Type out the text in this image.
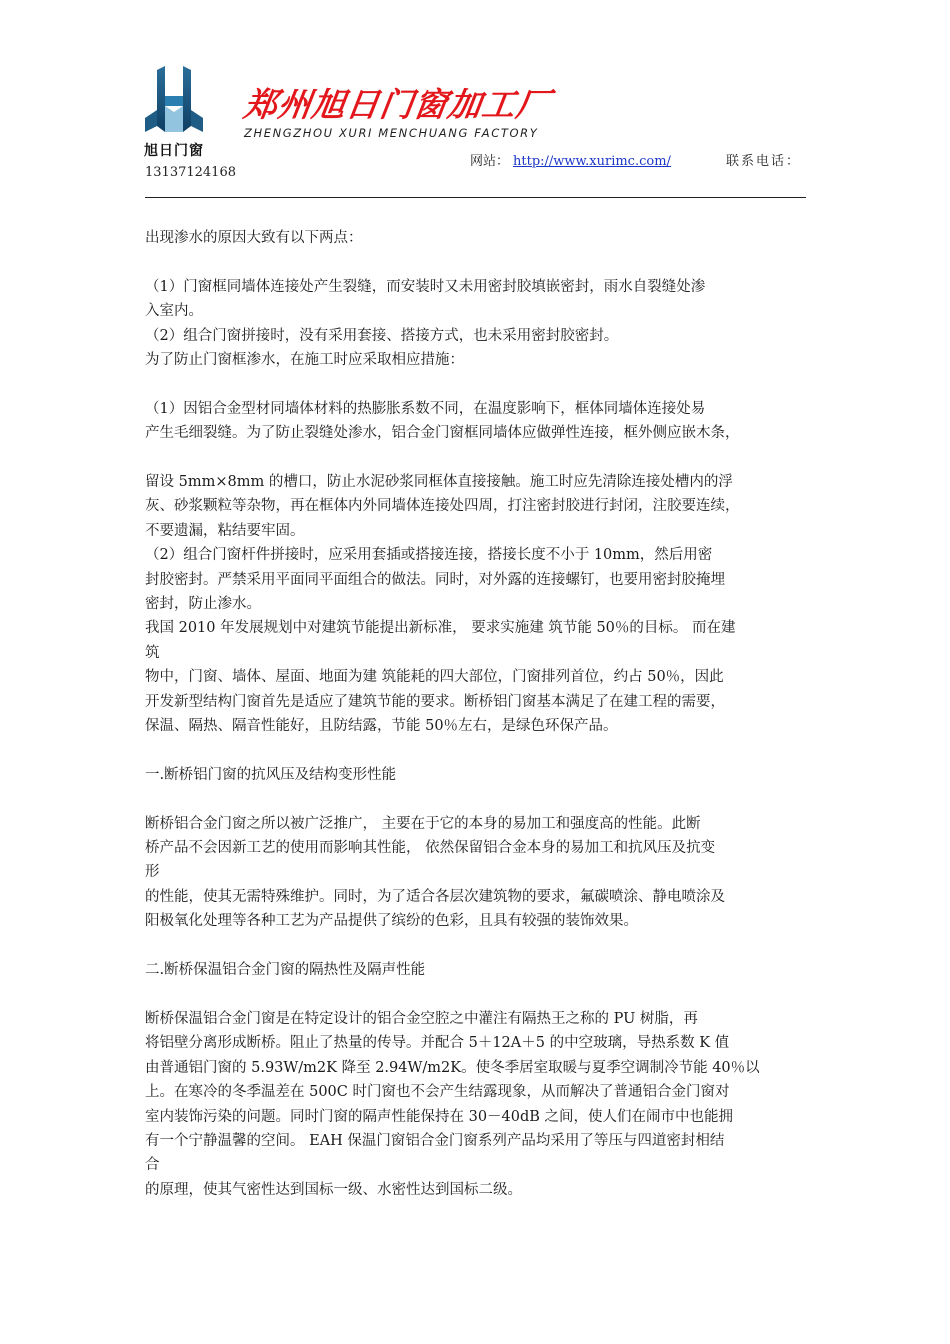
旭日门窗
郑州旭日门窗加工厂
ZHENGZHOU XURI MENCHUANG FACTORY
网站： http://www.xurimc.com/	联系电话：
13137124168

出现渗水的原因大致有以下两点：

（1）门窗框同墙体连接处产生裂缝，而安装时又未用密封胶填嵌密封，雨水自裂缝处渗

入室内。

（2）组合门窗拼接时，没有采用套接、搭接方式，也未采用密封胶密封。

为了防止门窗框渗水，在施工时应采取相应措施：

（1）因铝合金型材同墙体材料的热膨胀系数不同，在温度影响下，框体同墙体连接处易

产生毛细裂缝。为了防止裂缝处渗水，铝合金门窗框同墙体应做弹性连接，框外侧应嵌木条，

留设 5mm×8mm 的槽口，防止水泥砂浆同框体直接接触。施工时应先清除连接处槽内的浮

灰、砂浆颗粒等杂物，再在框体内外同墙体连接处四周，打注密封胶进行封闭，注胶要连续，

不要遗漏，粘结要牢固。

（2）组合门窗杆件拼接时，应采用套插或搭接连接，搭接长度不小于 10mm，然后用密

封胶密封。严禁采用平面同平面组合的做法。同时，对外露的连接螺钉，也要用密封胶掩埋

密封，防止渗水。

我国 2010 年发展规划中对建筑节能提出新标准， 要求实施建 筑节能 50％的目标。 而在建

筑

物中，门窗、墙体、屋面、地面为建 筑能耗的四大部位，门窗排列首位，约占 50％，因此

开发新型结构门窗首先是适应了建筑节能的要求。断桥铝门窗基本满足了在建工程的需要，

保温、隔热、隔音性能好，且防结露，节能 50％左右，是绿色环保产品。

一.断桥铝门窗的抗风压及结构变形性能

断桥铝合金门窗之所以被广泛推广， 主要在于它的本身的易加工和强度高的性能。此断

桥产品不会因新工艺的使用而影响其性能， 依然保留铝合金本身的易加工和抗风压及抗变

形

的性能，使其无需特殊维护。同时，为了适合各层次建筑物的要求，氟碳喷涂、静电喷涂及

阳极氧化处理等各种工艺为产品提供了缤纷的色彩，且具有较强的装饰效果。

二.断桥保温铝合金门窗的隔热性及隔声性能

断桥保温铝合金门窗是在特定设计的铝合金空腔之中灌注有隔热王之称的 PU 树脂，再

将铝壁分离形成断桥。阻止了热量的传导。并配合 5＋12A＋5 的中空玻璃，导热系数 K 值

由普通铝门窗的 5.93W/m2K 降至 2.94W/m2K。使冬季居室取暖与夏季空调制冷节能 40％以

上。在寒冷的冬季温差在 500C 时门窗也不会产生结露现象，从而解决了普通铝合金门窗对

室内装饰污染的问题。同时门窗的隔声性能保持在 30－40dB 之间，使人们在闹市中也能拥

有一个宁静温馨的空间。 EAH 保温门窗铝合金门窗系列产品均采用了等压与四道密封相结

合

的原理，使其气密性达到国标一级、水密性达到国标二级。
